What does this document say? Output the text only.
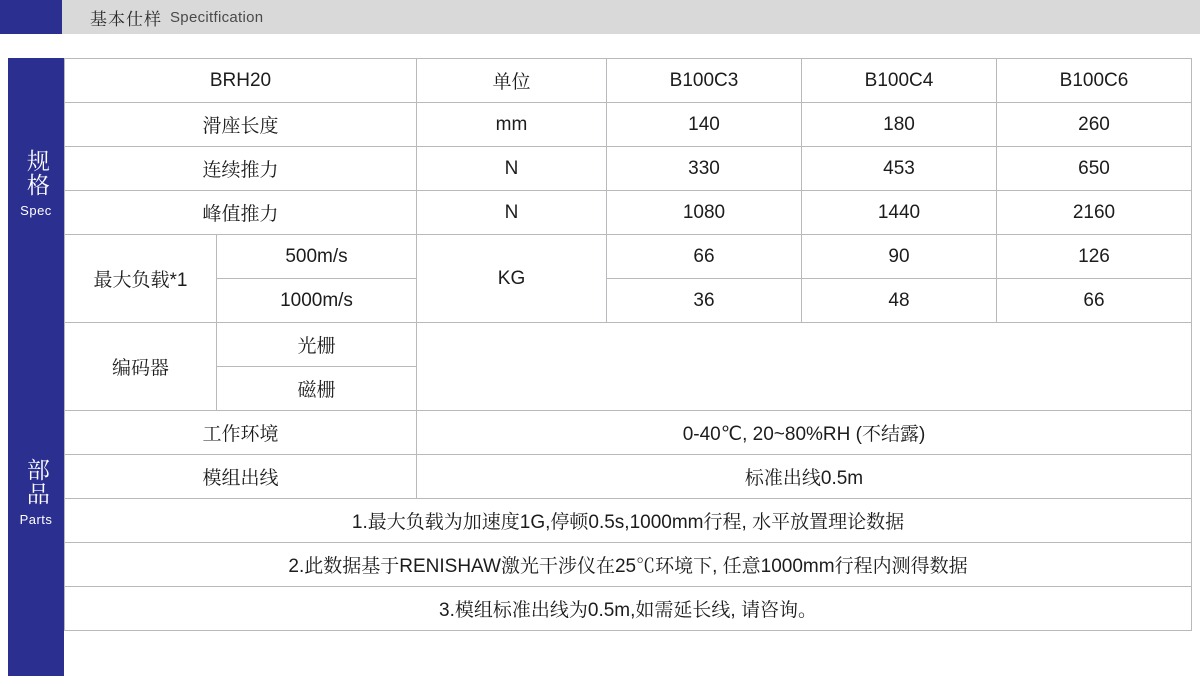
基本仕样 Specitfication
规格
Spec
部品
Parts
BRH20		单位	B100C3	B100C4	B100C6
滑座长度		mm	140	180	260
连续推力		N	330	453	650
峰值推力		N	1080	1440	2160
最大负载*1	500m/s	KG	66	90	126
	1000m/s		36	48	66
编码器	光栅				
	磁栅				
工作环境		0-40℃, 20~80%RH (不结露)			
模组出线		标准出线0.5m			
1.最大负载为加速度1G,停顿0.5s,1000mm行程, 水平放置理论数据					
2.此数据基于RENISHAW激光干涉仪在25℃环境下, 任意1000mm行程内测得数据					
3.模组标准出线为0.5m,如需延长线, 请咨询。					
